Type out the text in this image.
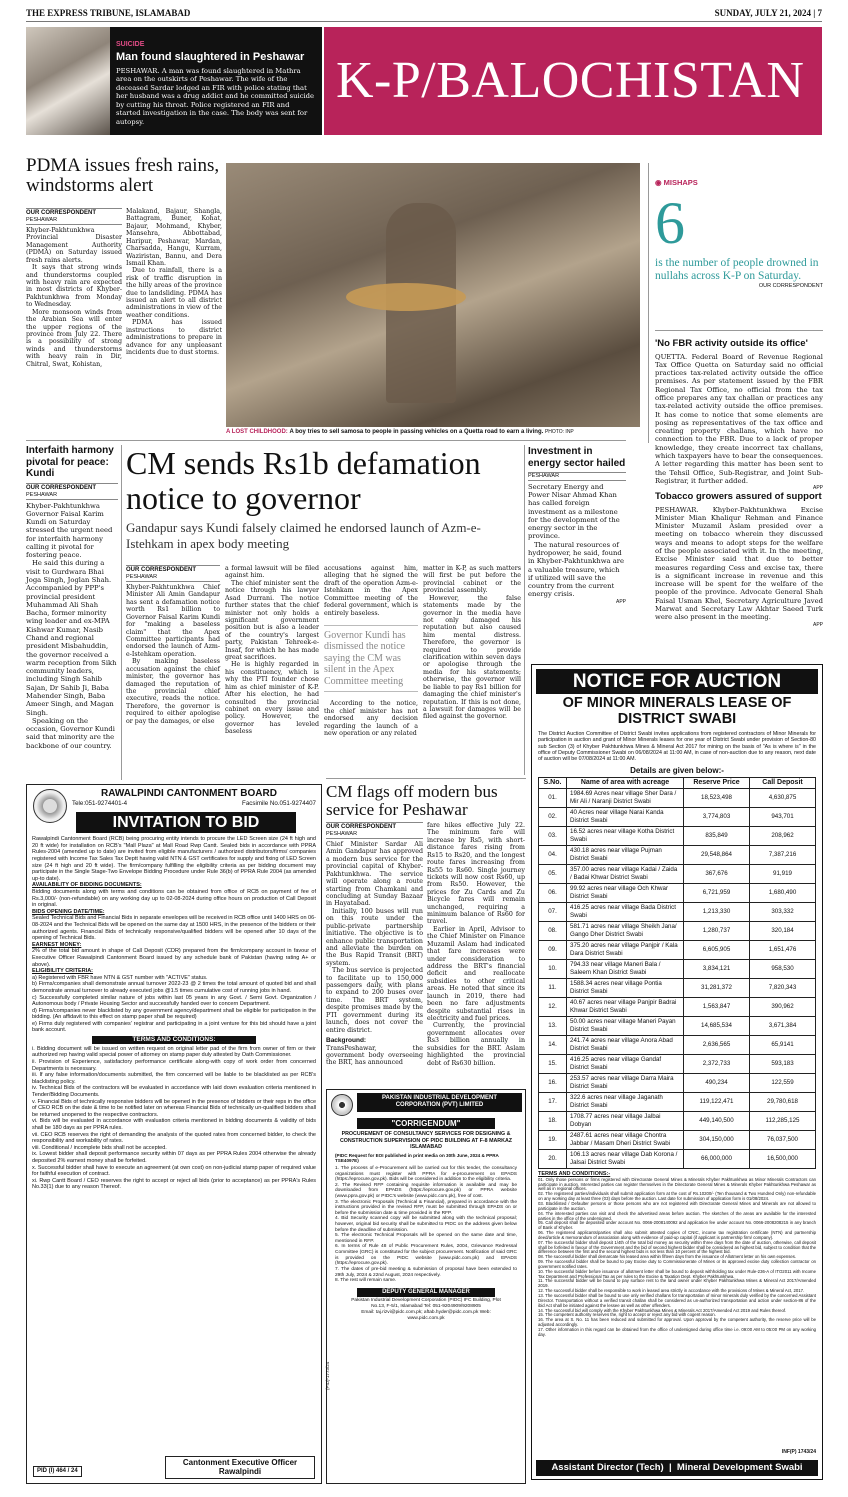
THE EXPRESS TRIBUNE, ISLAMABAD	SUNDAY, JULY 21, 2024 | 7
SUICIDE
Man found slaughtered in Peshawar

PESHAWAR. A man was found slaughtered in Mathra area on the outskirts of Peshawar. The wife of the deceased Sardar lodged an FIR with police stating that her husband was a drug addict and he committed suicide by cutting his throat. Police registered an FIR and started investigation in the case. The body was sent for autopsy.

K-P/BALOCHISTAN
PDMA issues fresh rains, windstorms alert
OUR CORRESPONDENT
PESHAWAR

Khyber-Pakhtunkhwa Provincial Disaster Management Authority (PDMA) on Saturday issued fresh rains alerts.

It says that strong winds and thunderstorms coupled with heavy rain are expected in most districts of Khyber-Pakhtunkhwa from Monday to Wednesday.

More monsoon winds from the Arabian Sea will enter the upper regions of the province from July 22. There is a possibility of strong winds and thunderstorms with heavy rain in Dir, Chitral, Swat, Kohistan,

Malakand, Bajaur, Shangla, Battagram, Buner, Kohat, Bajaur, Mohmand, Khyber, Mansehra, Abbottabad, Haripur, Peshawar, Mardan, Charsadda, Hangu, Kurram, Waziristan, Bannu, and Dera Ismail Khan.

Due to rainfall, there is a risk of traffic disruption in the hilly areas of the province due to landsliding. PDMA has issued an alert to all district administrations in view of the weather conditions.

PDMA has issued instructions to district administrations to prepare in advance for any unpleasant incidents due to dust storms.

A LOST CHILDHOOD: A boy tries to sell samosa to people in passing vehicles on a Quetta road to earn a living. PHOTO: INP
◉ MISHAPS
6
is the number of people drowned in nullahs across K-P on Saturday.
OUR CORRESPONDENT
'No FBR activity outside its office'

QUETTA. Federal Board of Revenue Regional Tax Office Quetta on Saturday said no official practices tax-related activity outside the office premises. As per statement issued by the FBR Regional Tax Office, no official from the tax office prepares any tax challan or practices any tax-related activity outside the office premises. It has come to notice that some elements are posing as representatives of the tax office and creating property challans, which have no connection to the FBR. Due to a lack of proper knowledge, they create incorrect tax challans, which taxpayers have to bear the consequences. A letter regarding this matter has been sent to the Tehsil Office, Sub-Registrar, and Joint Sub-Registrar, it further added.

APP
Tobacco growers assured of support

PESHAWAR. Khyber-Pakhtunkhwa Excise Minister Mian Khaliqur Rehman and Finance Minister Muzamil Aslam presided over a meeting on tobacco wherein they discussed ways and means to adopt steps for the welfare of the people associated with it. In the meeting, Excise Minister said that due to better measures regarding Cess and excise tax, there is a significant increase in revenue and this increase will be spent for the welfare of the people of the province. Advocate General Shah Faisal Usman Khel, Secretary Agriculture Javed Marwat and Secretary Law Akhtar Saeed Turk were also present in the meeting.

APP
Interfaith harmony pivotal for peace: Kundi
OUR CORRESPONDENT
PESHAWAR

Khyber-Pakhtunkhwa Governor Faisal Karim Kundi on Saturday stressed the urgent need for interfaith harmony calling it pivotal for fostering peace.

He said this during a visit to Gurdwara Bhai Joga Singh, Joglan Shah. Accompanied by PPP's provincial president Muhammad Ali Shah Bacha, former minority wing leader and ex-MPA Kishwar Kumar, Nasib Chand and regional president Misbahuddin, the governor received a warm reception from Sikh community leaders, including Singh Sahib Sajan, Dr Sahib Ji, Baba Mahender Singh, Baba Ameer Singh, and Magan Singh.

Speaking on the occasion, Governor Kundi said that minority are the backbone of our country.

CM sends Rs1b defamation notice to governor
Gandapur says Kundi falsely claimed he endorsed launch of Azm-e-Istehkam in apex body meeting
OUR CORRESPONDENT
PESHAWAR

Khyber-Pakhtunkhwa Chief Minister Ali Amin Gandapur has sent a defamation notice worth Rs1 billion to Governor Faisal Karim Kundi for "making a baseless claim" that the Apex Committee participants had endorsed the launch of Azm-e-Istehkam operation.

By making baseless accusation against the chief minister, the governor has damaged the reputation of the provincial chief executive, reads the notice. Therefore, the governor is required to either apologise or pay the damages, or else

a formal lawsuit will be filed against him.

The chief minister sent the notice through his lawyer Asad Durrani. The notice further states that the chief minister not only holds a significant government position but is also a leader of the country's largest party, Pakistan Tehreek-e-Insaf, for which he has made great sacrifices.

He is highly regarded in his constituency, which is why the PTI founder chose him as chief minister of K-P. After his election, he had consulted the provincial cabinet on every issue and policy. However, the governor has leveled baseless

accusations against him, alleging that he signed the draft of the operation Azm-e-Istehkam in the Apex Committee meeting of the federal government, which is entirely baseless.

Governor Kundi has dismissed the notice saying the CM was silent in the Apex Committee meeting

According to the notice, the chief minister has not endorsed any decision regarding the launch of a new operation or any related

matter in K-P, as such matters will first be put before the provincial cabinet or the provincial assembly.

However, the false statements made by the governor in the media have not only damaged his reputation but also caused him mental distress. Therefore, the governor is required to provide clarification within seven days or apologise through the media for his statements; otherwise, the governor will be liable to pay Rs1 billion for damaging the chief minister's reputation. If this is not done, a lawsuit for damages will be filed against the governor.

Investment in energy sector hailed
PESHAWAR

Secretary Energy and Power Nisar Ahmad Khan has called foreign investment as a milestone for the development of the energy sector in the province.

The natural resources of hydropower, he said, found in Khyber-Pakhtunkhwa are a valuable treasure, which if utilized will save the country from the current energy crisis.

APP
RAWALPINDI CANTONMENT BOARD
Tele:051-9274401-4	Facsimile No.051-9274407
INVITATION TO BID

Rawalpindi Cantonment Board (RCB) being procuring entity intends to procure the LED Screen size (24 ft high and 20 ft wide) for installation on RCB's "Mall Plaza" at Mall Road Rwp Cantt. Sealed bids in accordance with PPRA Rules-2004 (amended up to date) are invited from eligible manufacturers / authorized distributors/firms/ companies registered with Income Tax Sales Tax Deptt having valid NTN & GST certificates for supply and fixing of LED Screen size (24 ft high and 20 ft wide). The firm/company fulfilling the eligibility criteria as per bidding document may participate in the Single Stage-Two Envelope Bidding Procedure under Rule 36(b) of PPRA Rule 2004 (as amended up-to date).

AVAILABILITY OF BIDDING DOCUMENTS:

Bidding documents along with terms and conditions can be obtained from office of RCB on payment of fee of Rs.3,000/- (non-refundable) on any working day up to 02-08-2024 during office hours on production of Call Deposit in original.

BIDS OPENING DATE/TIME:

Sealed Technical Bids and Financial Bids in separate envelopes will be received in RCB office until 1400 HRS on 06-08-2024 and the Technical Bids will be opened on the same day at 1500 HRS, in the presence of the bidders or their authorized agents. Financial Bids of technically responsive/qualified bidders will be opened after 10 days of the opening of Technical Bids.

EARNEST MONEY:

2% of the total bid amount in shape of Call Deposit (CDR) prepared from the firm/company account in favour of Executive Officer Rawalpindi Cantonment Board issued by any schedule bank of Pakistan (having rating A+ or above).

ELIGIBILITY CRITERIA:

a) Registered with FBR have NTN & GST number with "ACTIVE" status.

b) Firms/companies shall demonstrate annual turnover 2022-23 @ 2 times the total amount of quoted bid and shall demonstrate annual turnover to already executed jobs @1.5 times cumulative cost of running jobs in hand.

c) Successfully completed similar nature of jobs within last 05 years in any Govt. / Semi Govt. Organization / Autonomous body / Private Housing Sector and successfully handed over to concern Department.

d) Firms/companies never blacklisted by any government agency/department shall be eligible for participation in the bidding. (An affidavit to this effect on stamp paper shall be required)

e) Firms duly registered with companies' registrar and participating in a joint venture for this bid should have a joint bank account.

TERMS AND CONDITIONS:

i. Bidding document will be issued on written request on original letter pad of the firm from owner of firm or their authorized rep having valid special power of attorney on stamp paper duly attested by Oath Commissioner.

ii. Provision of Experience, satisfactory performance certificate along-with copy of work order from concerned Departments is necessary.

iii. If any false information/documents submitted, the firm concerned will be liable to be blacklisted as per RCB's blacklisting policy.

iv. Technical Bids of the contractors will be evaluated in accordance with laid down evaluation criteria mentioned in Tender/Bidding Documents.

v. Financial Bids of technically responsive bidders will be opened in the presence of bidders or their reps in the office of CEO RCB on the date & time to be notified later on whereas Financial Bids of technically un-qualified bidders shall be returned unopened to the respective contractors.

vi. Bids will be evaluated in accordance with evaluation criteria mentioned in bidding documents & validity of bids shall be 180 days as per PPRA rules.

vii. CEO RCB reserves the right of demanding the analysis of the quoted rates from concerned bidder, to check the responsibility and workability of rates.

viii. Conditional / incomplete bids shall not be accepted.

ix. Lowest bidder shall deposit performance security within 07 days as per PPRA Rules 2004 otherwise the already deposited 2% earnest money shall be forfeited.

x. Successful bidder shall have to execute an agreement (at own cost) on non-judicial stamp paper of required value for faithful execution of contract.

xi. Rwp Cantt Board / CEO reserves the right to accept or reject all bids (prior to acceptance) as per PPRA's Rules No.33(1) due to any reason Thereof.

PID (I) 464 / 24
Cantonment Executive Officer
Rawalpindi
CM flags off modern bus service for Peshawar
OUR CORRESPONDENT
PESHAWAR

Chief Minister Sardar Ali Amin Gandapur has approved a modern bus service for the provincial capital of Khyber-Pakhtunkhwa. The service will operate along a route starting from Chamkani and concluding at Sunday Bazaar in Hayatabad.

Initially, 100 buses will run on this route under the public-private partnership initiative. The objective is to enhance public transportation and alleviate the burden on the Bus Rapid Transit (BRT) system.

The bus service is projected to facilitate up to 150,000 passengers daily, with plans to expand to 200 buses over time. The BRT system, despite promises made by the PTI government during its launch, does not cover the entire district.

Background:

TransPeshawar, the government body overseeing the BRT, has announced

fare hikes effective July 22. The minimum fare will increase by Rs5, with short-distance fares rising from Rs15 to Rs20, and the longest route fares increasing from Rs55 to Rs60. Single journey tickets will now cost Rs60, up from Rs50. However, the prices for Zu Cards and Zu Bicycle fares will remain unchanged, requiring a minimum balance of Rs60 for travel.

Earlier in April, Advisor to the Chief Minister on Finance Muzamil Aslam had indicated that fare increases were under consideration to address the BRT's financial deficit and reallocate subsidies to other critical areas. He noted that since its launch in 2019, there had been no fare adjustments despite substantial rises in electricity and fuel prices.

Currently, the provincial government allocates over Rs3 billion annually in subsidies for the BRT. Aslam highlighted the provincial debt of Rs630 billion.

PAKISTAN INDUSTRIAL DEVELOPMENT CORPORATION (PVT) LIMITED
"CORRIGENDUM"
PROCUREMENT OF CONSULTANCY SERVICES FOR DESIGNING & CONSTRUCTION SUPERVISION OF PIDC BUILDING AT F-8 MARKAZ ISLAMABAD
(PIDC Request for EOI published in print media on 30th June, 2024 & PPRA TSE4097E)

1. The process of e-Procurement will be carried out for this tender, the consultancy organizations must register with PPRA for e-procurement on EPADS (https://eprocure.gov.pk). Bids will be considered in addition to the eligibility criteria.

2. The Revised RFP containing requisite information is available and may be downloaded from EPADS (https://eprocure.gov.pk) or PPRA website (www.ppra.gov.pk) or PIDC's website (www.pidc.com.pk), free of cost.

3. The electronic Proposals (Technical & Financial), prepared in accordance with the instructions provided in the revised RFP, must be submitted through EPADS on or before the submission date & time provided in the RFP.

4. Bid Security scanned copy will be submitted along with the technical proposal; however, original bid security shall be submitted to PIDC on the address given below before the deadline of submission.

5. The electronic Technical Proposals will be opened on the same date and time, mentioned in RFP.

6. In terms of Rule 48 of Public Procurement Rules, 2004, Grievance Redressal Committee (GRC) is constituted for the subject procurement. Notification of said GRC is provided on the PIDC website (www.pidc.com.pk) and EPADS (https://eprocure.gov.pk).

7. The dates of pre-bid meeting & submission of proposal have been extended to 29th July, 2024 & 22nd August, 2024 respectively.

8. The rest will remain same.

DEPUTY GENERAL MANAGER
Pakistan Industrial Development Corporation (PIDC) IFC Building, Plot No.13, F-5/1, Islamabad Tel: 051-9204909/9208905
Email: taj.rizvi@pidc.com.pk; aftab.hyder@pidc.com.pk Web: www.pidc.com.pk
(PID)-1773/24
NOTICE FOR AUCTION
OF MINOR MINERALS LEASE OF DISTRICT SWABI
The District Auction Committee of District Swabi invites applications from registered contractors of Minor Minerals for participation in auction and grant of Minor Minerals leases for one year of District Swabi under provision of Section-80 sub Section (3) of Khyber Pakhtunkhwa Mines & Mineral Act 2017 for mining on the basis of "As is where is" in the office of Deputy Commissioner Swabi on 06/08/2024 at 11:00 AM, in case of non-auction due to any reason, next date of auction will be 07/08/2024 at 11:00 AM.
Details are given below:-
S.No.	Name of area with acreage	Reserve Price	Call Deposit
01.	1984.69 Acres near village Sher Dara / Mir Ali / Naranji District Swabi	18,523,498	4,630,875
02.	40 Acres near village Narai Kanda District Swabi	3,774,803	943,701
03.	16.52 acres near village Kotha District Swabi	835,849	208,962
04.	430.18 acres near village Pujman District Swabi	29,548,864	7,387,216
05.	357.00 acres near village Kadai / Zaida / Badai Khwar District Swabi	367,676	91,919
06.	99.92 acres near village Och Khwar District Swabi	6,721,959	1,680,490
07.	416.25 acres near village Bada District Swabi	1,213,330	303,332
08.	581.71 acres near village Sheikh Jana/ Gango Dher District Swabi	1,280,737	320,184
09.	375.20 acres near village Panjpir / Kala Dara District Swabi	6,605,905	1,651,476
10.	794.33 near village Maneri Bala / Saleem Khan District Swabi	3,834,121	958,530
11.	1588.34 acres near village Pontia District Swabi	31,281,372	7,820,343
12.	40.67 acres near village Panjpir Badrai Khwar District Swabi	1,563,847	390,962
13.	50.00 acres near village Maneri Payan District Swabi	14,685,534	3,671,384
14.	241.74 acres near village Anora Abad District Swabi	2,636,565	65,9141
15.	416.25 acres near village Gandaf District Swabi	2,372,733	593,183
16.	253.57 acres near village Darra Maira District Swabi	490,234	122,559
17.	322.6 acres near village Jaganath District Swabi	119,122,471	29,780,618
18.	1708.77 acres near village Jalbai Dobyan	449,140,500	112,285,125
19.	2487.61 acres near village Chontra Jabbar / Masam Dheri District Swabi	304,150,000	76,037,500
20.	106.13 acres near village Dab Korona / Jalsai District Swabi	66,000,000	16,500,000
TERMS AND CONDITIONS:-

01. Only those persons or firms registered with Directorate General Mines & Minerals Khyber Pakhtunkhwa as Minor Minerals Contractors can participate in auction. Interested parties can register themselves in the Directorate General Mines & Minerals Khyber Pakhtunkhwa Peshawar as well as in regional offices.

02. The registered parties/individuals shall submit application form at the cost of Rs.10200/- (Ten thousand & Two Hundred Only) non-refundable on any working day at least three (03) days before the auction. Last date for submission of application form is 01/08/2024.

03. Blacklisted / Defaulter persons or those persons who are not registered with Directorate General Mines and Minerals are not allowed to participate in the auction.

04. The interested parties can visit and check the advertised areas before auction. The sketches of the areas are available for the interested parties in the office of the undersigned.

05. Call deposit shall be deposited under account No. 0066-2008140092 and application fee under account No. 0066-2008208215 in any branch of Bank of Khyber.

06. The registered applicants/parties shall also submit attested copies of CNIC, income tax registration certificate (NTN) and partnership deed/article & memorandum of association along with evidence of paid-up capital (if applicant is partnership firm/ company).

07. The successful bidder shall deposit 1/4th of the total bid money as security within three days from the date of auction, otherwise, call deposit shall be forfeited in favour of the Government and the bid of second highest bidder shall be considered as highest bid, subject to condition that the difference between the first and the second highest bids is not less than 10 percent of the highest bid.

08. The successful bidder shall demarcate his leased area within fifteen days from the issuance of Allotment letter on his own expenses.

09. The successful bidder shall be bound to pay Excise duty to Commissionerate of Mines or its approved excise duty collection contractor on government notified rates.

10. The successful bidder before issuance of allotment letter shall be bound to deposit withholding tax under Rule-236-A of ITO2011 with Income Tax Department and Professional Tax as per rules to the Excise & Taxation Dept. Khyber Pakhtunkhwa.

11. The successful bidder will be bound to pay surface rent to the land owner under Khyber Pakhtunkhwa Mines & Mineral Act 2017/Amended 2019.

12. The successful bidder shall be responsible to work in leased area strictly in accordance with the provisions of Mines & Mineral Act, 2017.

13. The successful bidder shall be bound to use only verified challans for transportation of minor minerals duly verified by the concerned Assistant Director. Transportation without a verified transit challan shall be considered as un-authorized transportation and action under section-86 of the ibid Act shall be initiated against the lessee as well as other offenders.

14. The successful bid will comply with the Khyber Pakhtunkhwa Mines & Minerals Act 2017/Amended Act 2019 and Rules thereof.

15. The competent authority reserves the, right to accept or reject any bid with cogent reason.

16. The area at S. No. 11 has been reduced and submitted for approval. Upon approval by the competent authority, the reserve price will be adjusted accordingly.

17. Other information in this regard can be obtained from the office of undersigned during office time i.e. 09:00 AM to 05:00 PM on any working day.

INF(P) 1743/24
Assistant Director (Tech)  |  Mineral Development Swabi
